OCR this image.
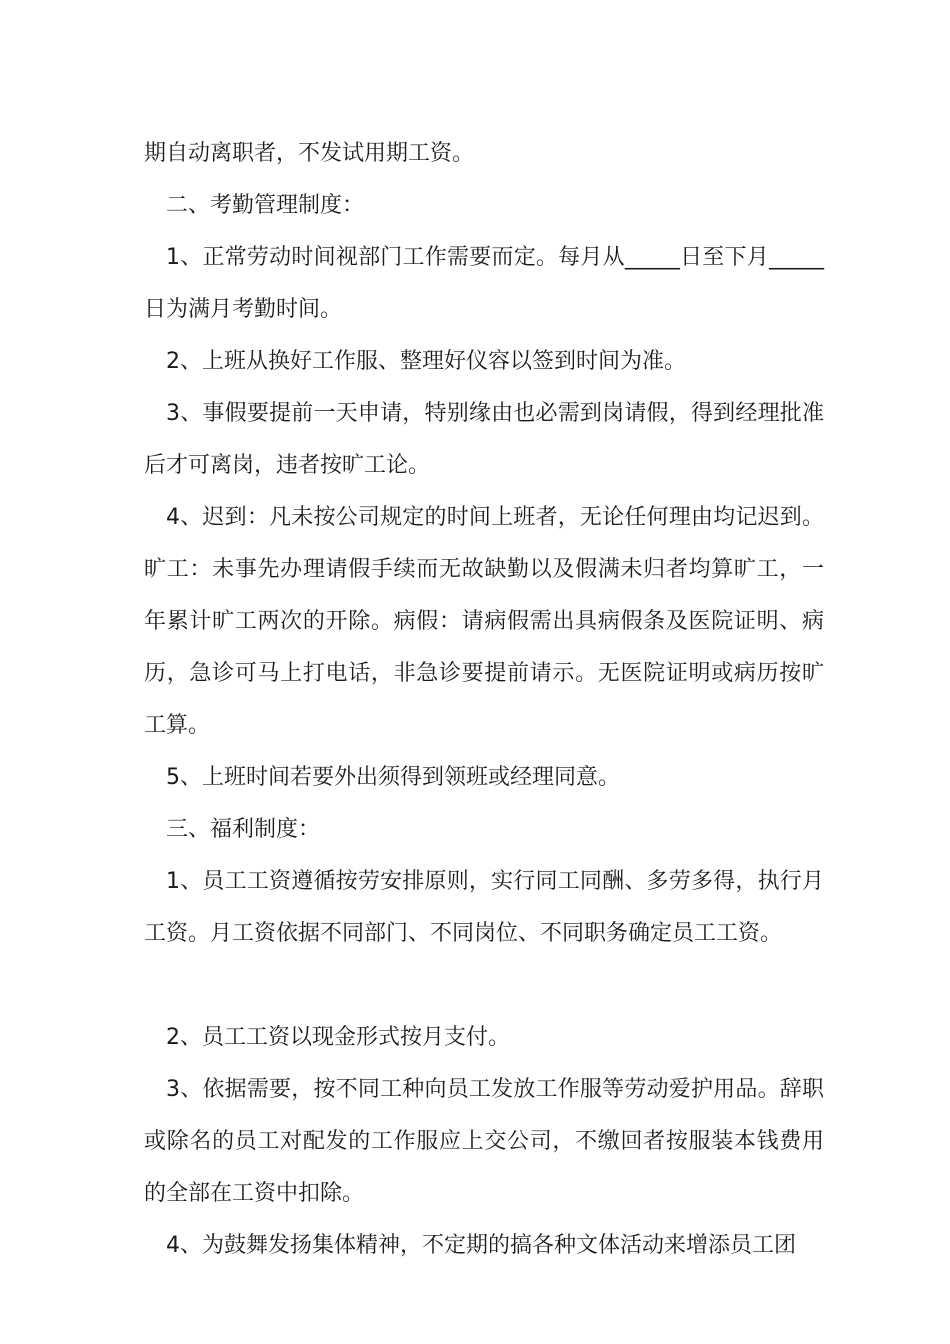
期自动离职者，不发试用期工资。

二、考勤管理制度：

1、正常劳动时间视部门工作需要而定。每月从_____日至下月_____日为满月考勤时间。

2、上班从换好工作服、整理好仪容以签到时间为准。

3、事假要提前一天申请，特别缘由也必需到岗请假，得到经理批准后才可离岗，违者按旷工论。

4、迟到：凡未按公司规定的时间上班者，无论任何理由均记迟到。旷工：未事先办理请假手续而无故缺勤以及假满未归者均算旷工，一年累计旷工两次的开除。病假：请病假需出具病假条及医院证明、病历，急诊可马上打电话，非急诊要提前请示。无医院证明或病历按旷工算。

5、上班时间若要外出须得到领班或经理同意。

三、福利制度：

1、员工工资遵循按劳安排原则，实行同工同酬、多劳多得，执行月工资。月工资依据不同部门、不同岗位、不同职务确定员工工资。

2、员工工资以现金形式按月支付。

3、依据需要，按不同工种向员工发放工作服等劳动爱护用品。辞职或除名的员工对配发的工作服应上交公司，不缴回者按服装本钱费用的全部在工资中扣除。

4、为鼓舞发扬集体精神，不定期的搞各种文体活动来增添员工团
